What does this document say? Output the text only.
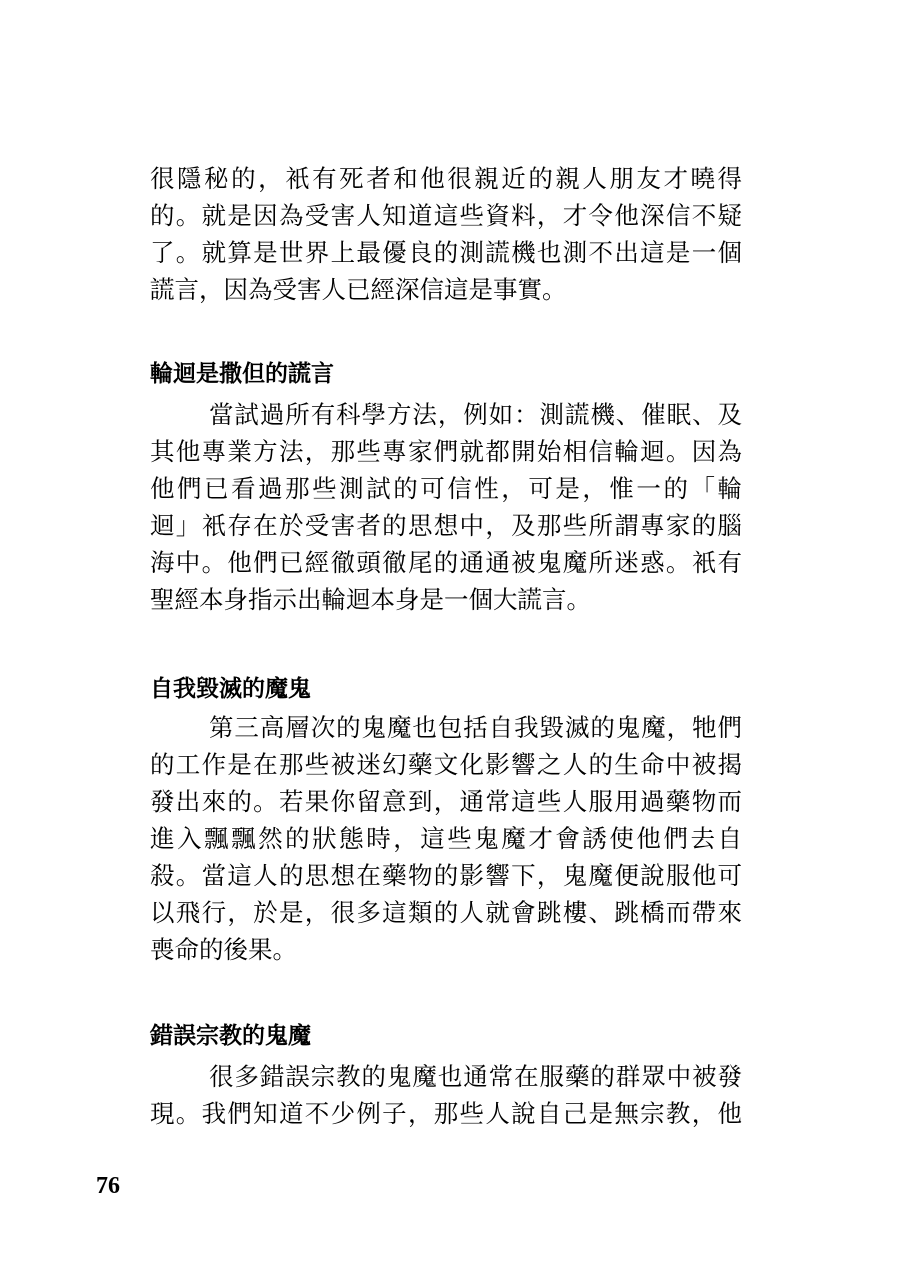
很隱秘的，衹有死者和他很親近的親人朋友才曉得
的。就是因為受害人知道這些資料，才令他深信不疑
了。就算是世界上最優良的測謊機也測不出這是一個
謊言，因為受害人已經深信這是事實。
輪迴是撒但的謊言
當試過所有科學方法，例如：測謊機、催眠、及
其他專業方法，那些專家們就都開始相信輪迴。因為
他們已看過那些測試的可信性，可是，惟一的「輪
迴」衹存在於受害者的思想中，及那些所謂專家的腦
海中。他們已經徹頭徹尾的通通被鬼魔所迷惑。衹有
聖經本身指示出輪迴本身是一個大謊言。
自我毀滅的魔鬼
第三高層次的鬼魔也包括自我毀滅的鬼魔，牠們
的工作是在那些被迷幻藥文化影響之人的生命中被揭
發出來的。若果你留意到，通常這些人服用過藥物而
進入飄飄然的狀態時，這些鬼魔才會誘使他們去自
殺。當這人的思想在藥物的影響下，鬼魔便說服他可
以飛行，於是，很多這類的人就會跳樓、跳橋而帶來
喪命的後果。
錯誤宗教的鬼魔
很多錯誤宗教的鬼魔也通常在服藥的群眾中被發
現。我們知道不少例子，那些人說自己是無宗教，他
76
